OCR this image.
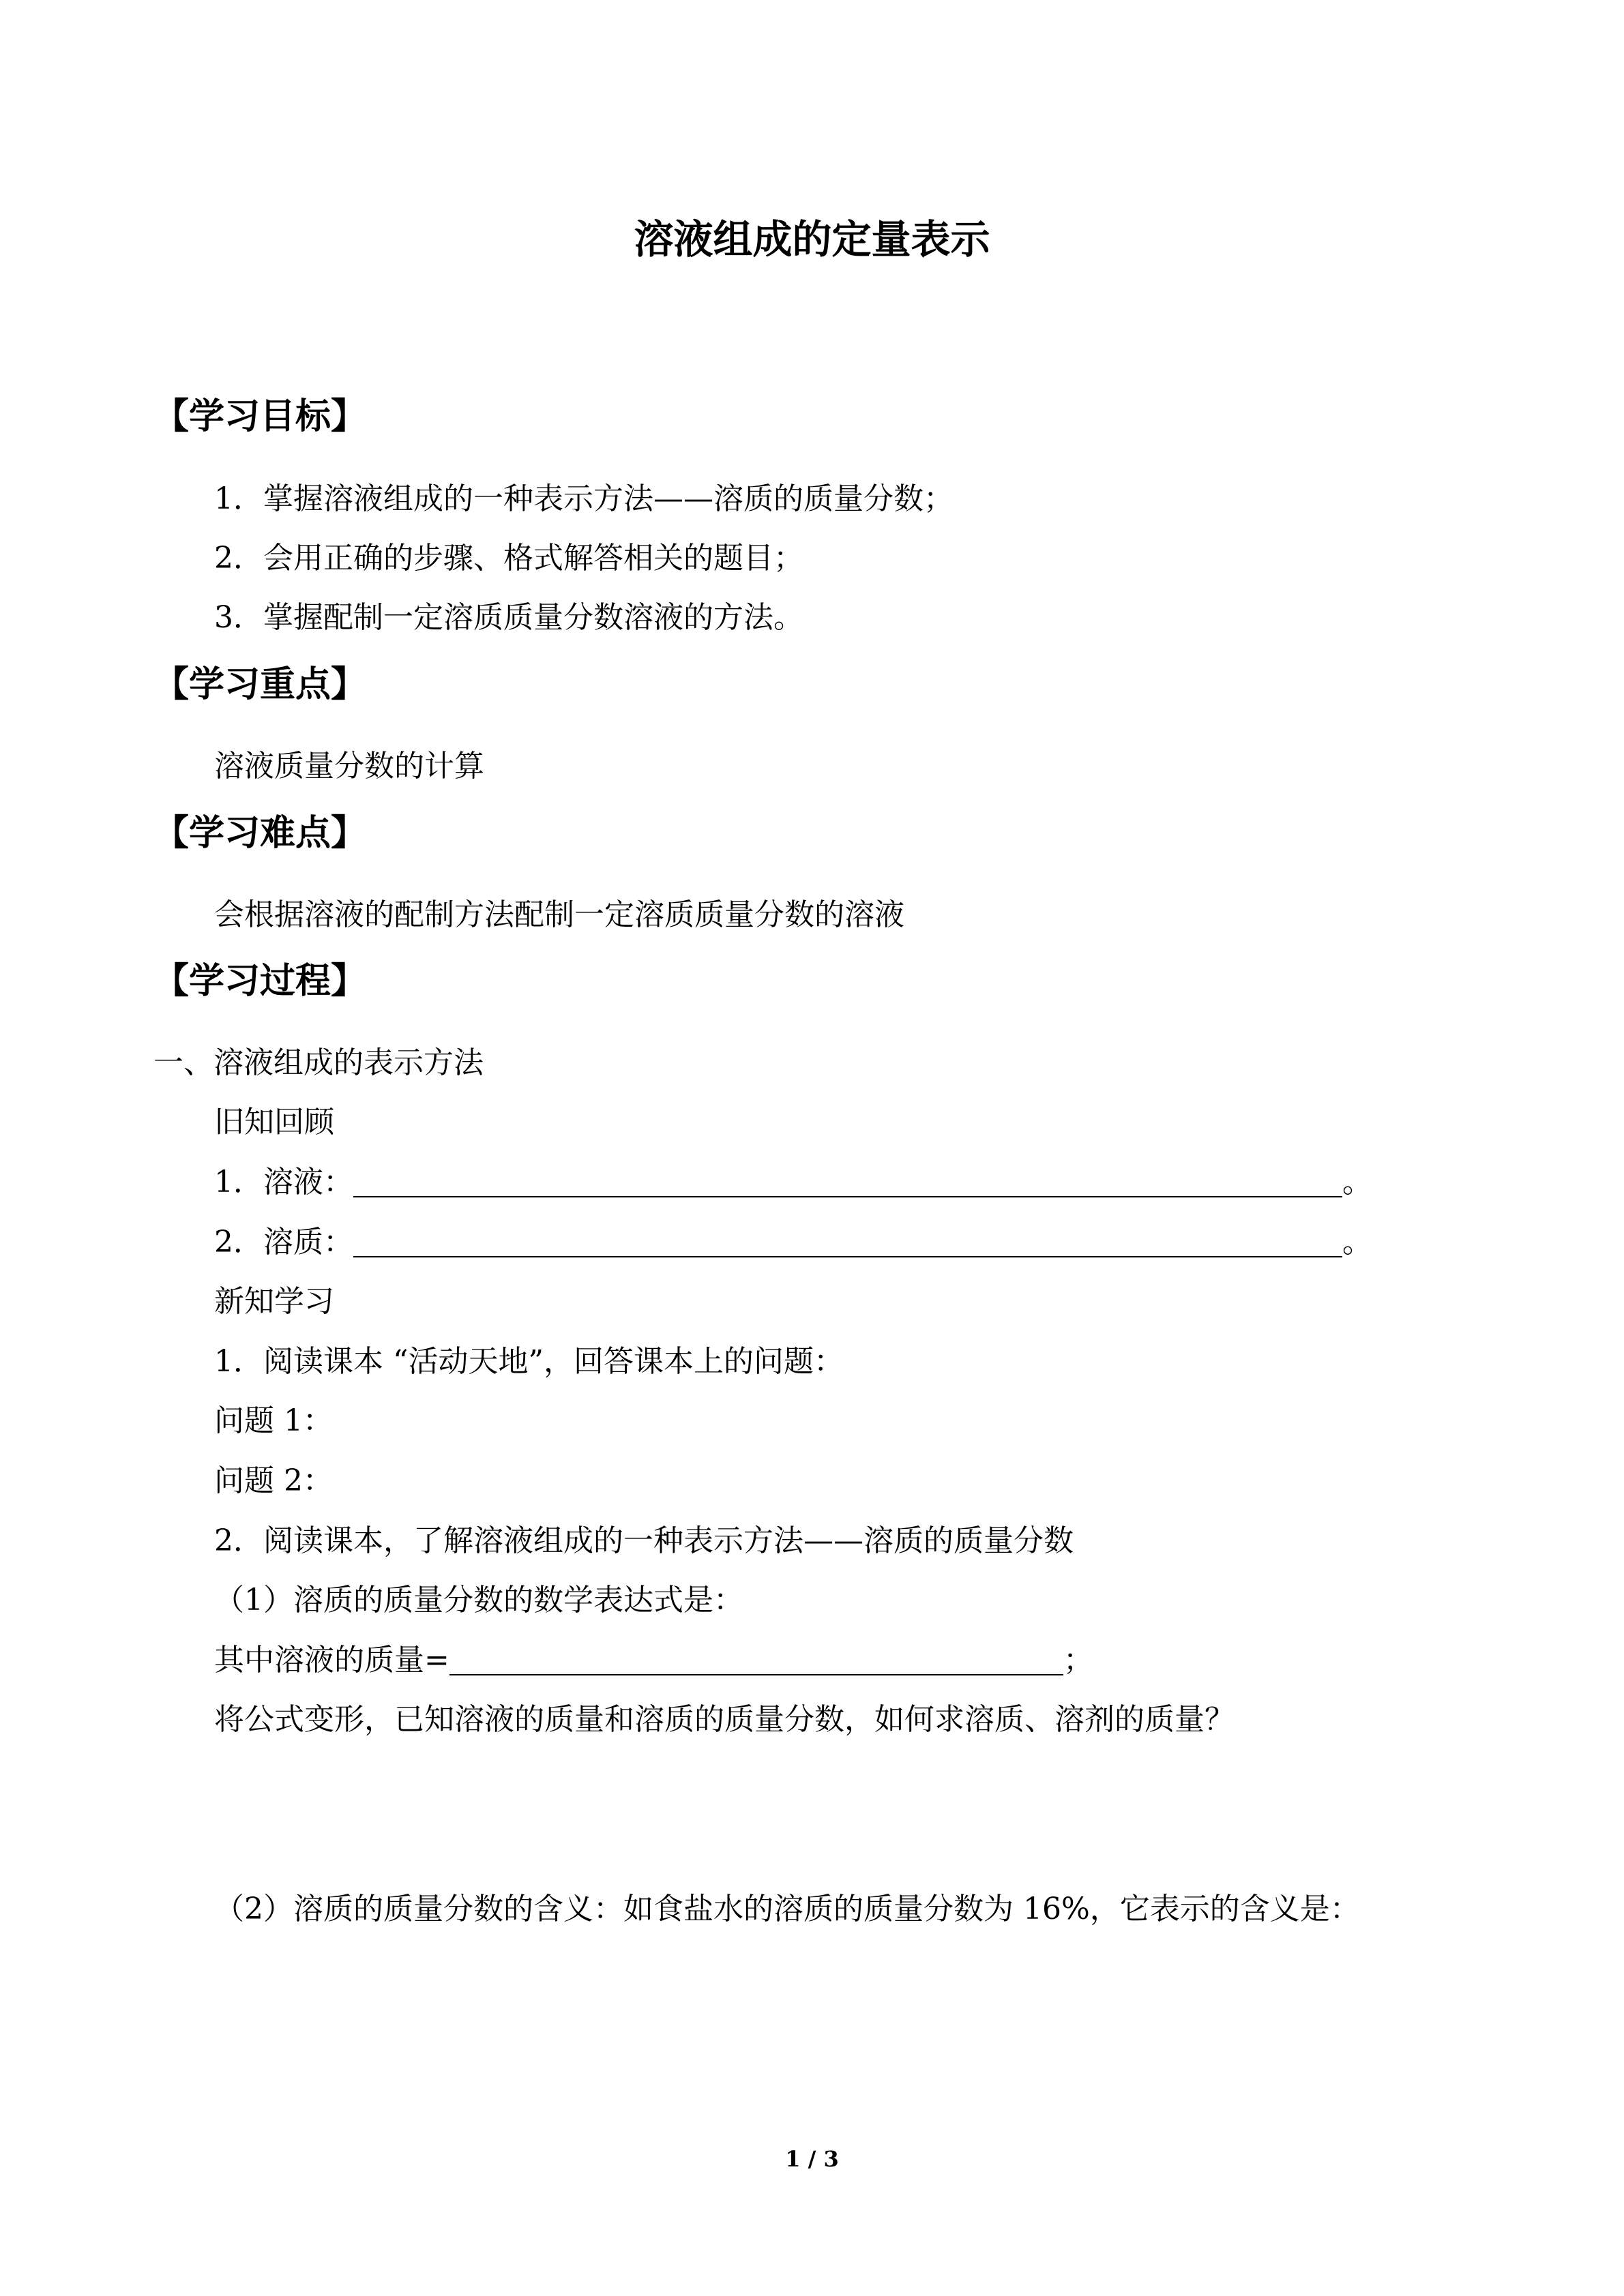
溶液组成的定量表示
【学习目标】
1．掌握溶液组成的一种表示方法——溶质的质量分数；
2．会用正确的步骤、格式解答相关的题目；
3．掌握配制一定溶质质量分数溶液的方法。
【学习重点】
溶液质量分数的计算
【学习难点】
会根据溶液的配制方法配制一定溶质质量分数的溶液
【学习过程】
一、溶液组成的表示方法
旧知回顾
1．溶液：	。
2．溶质：	。
新知学习
1．阅读课本 “活动天地”，回答课本上的问题：
问题 1：
问题 2：
2．阅读课本，了解溶液组成的一种表示方法——溶质的质量分数
（1）溶质的质量分数的数学表达式是：
其中溶液的质量=	；
将公式变形，已知溶液的质量和溶质的质量分数，如何求溶质、溶剂的质量？
（2）溶质的质量分数的含义：如食盐水的溶质的质量分数为 16%，它表示的含义是：
1 / 3
